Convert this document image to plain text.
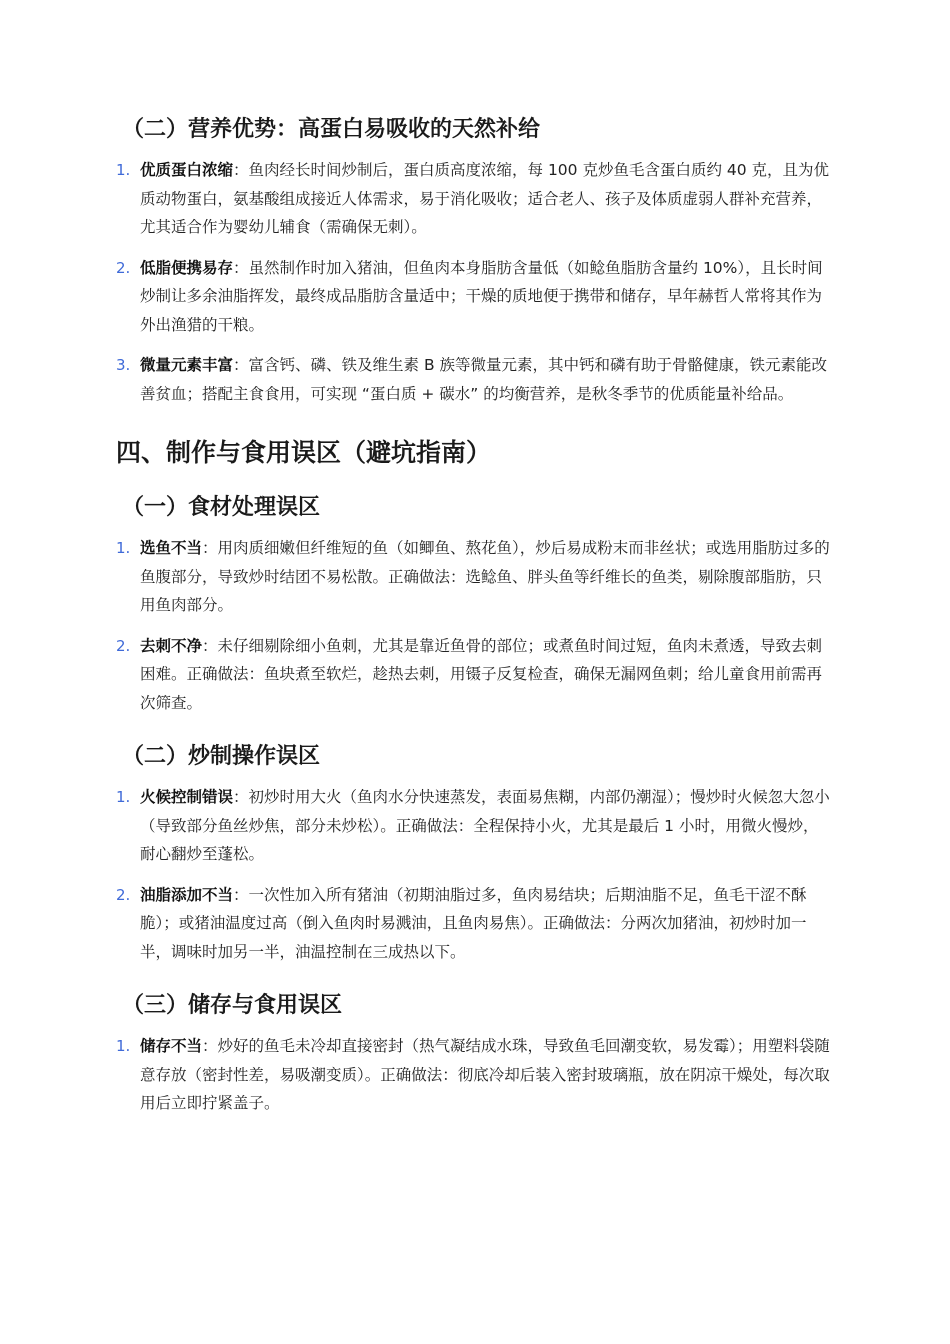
（二）营养优势：高蛋白易吸收的天然补给
1. 优质蛋白浓缩：鱼肉经长时间炒制后，蛋白质高度浓缩，每 100 克炒鱼毛含蛋白质约 40 克，且为优质动物蛋白，氨基酸组成接近人体需求，易于消化吸收；适合老人、孩子及体质虚弱人群补充营养，尤其适合作为婴幼儿辅食（需确保无刺）。
2. 低脂便携易存：虽然制作时加入猪油，但鱼肉本身脂肪含量低（如鲶鱼脂肪含量约 10%），且长时间炒制让多余油脂挥发，最终成品脂肪含量适中；干燥的质地便于携带和储存，早年赫哲人常将其作为外出渔猎的干粮。
3. 微量元素丰富：富含钙、磷、铁及维生素 B 族等微量元素，其中钙和磷有助于骨骼健康，铁元素能改善贫血；搭配主食食用，可实现 “蛋白质 + 碳水” 的均衡营养，是秋冬季节的优质能量补给品。
四、制作与食用误区（避坑指南）
（一）食材处理误区
1. 选鱼不当：用肉质细嫩但纤维短的鱼（如鲫鱼、熬花鱼），炒后易成粉末而非丝状；或选用脂肪过多的鱼腹部分，导致炒时结团不易松散。正确做法：选鲶鱼、胖头鱼等纤维长的鱼类，剔除腹部脂肪，只用鱼肉部分。
2. 去刺不净：未仔细剔除细小鱼刺，尤其是靠近鱼骨的部位；或煮鱼时间过短，鱼肉未煮透，导致去刺困难。正确做法：鱼块煮至软烂，趁热去刺，用镊子反复检查，确保无漏网鱼刺；给儿童食用前需再次筛查。
（二）炒制操作误区
1. 火候控制错误：初炒时用大火（鱼肉水分快速蒸发，表面易焦糊，内部仍潮湿）；慢炒时火候忽大忽小（导致部分鱼丝炒焦，部分未炒松）。正确做法：全程保持小火，尤其是最后 1 小时，用微火慢炒，耐心翻炒至蓬松。
2. 油脂添加不当：一次性加入所有猪油（初期油脂过多，鱼肉易结块；后期油脂不足，鱼毛干涩不酥脆）；或猪油温度过高（倒入鱼肉时易溅油，且鱼肉易焦）。正确做法：分两次加猪油，初炒时加一半，调味时加另一半，油温控制在三成热以下。
（三）储存与食用误区
1. 储存不当：炒好的鱼毛未冷却直接密封（热气凝结成水珠，导致鱼毛回潮变软，易发霉）；用塑料袋随意存放（密封性差，易吸潮变质）。正确做法：彻底冷却后装入密封玻璃瓶，放在阴凉干燥处，每次取用后立即拧紧盖子。
